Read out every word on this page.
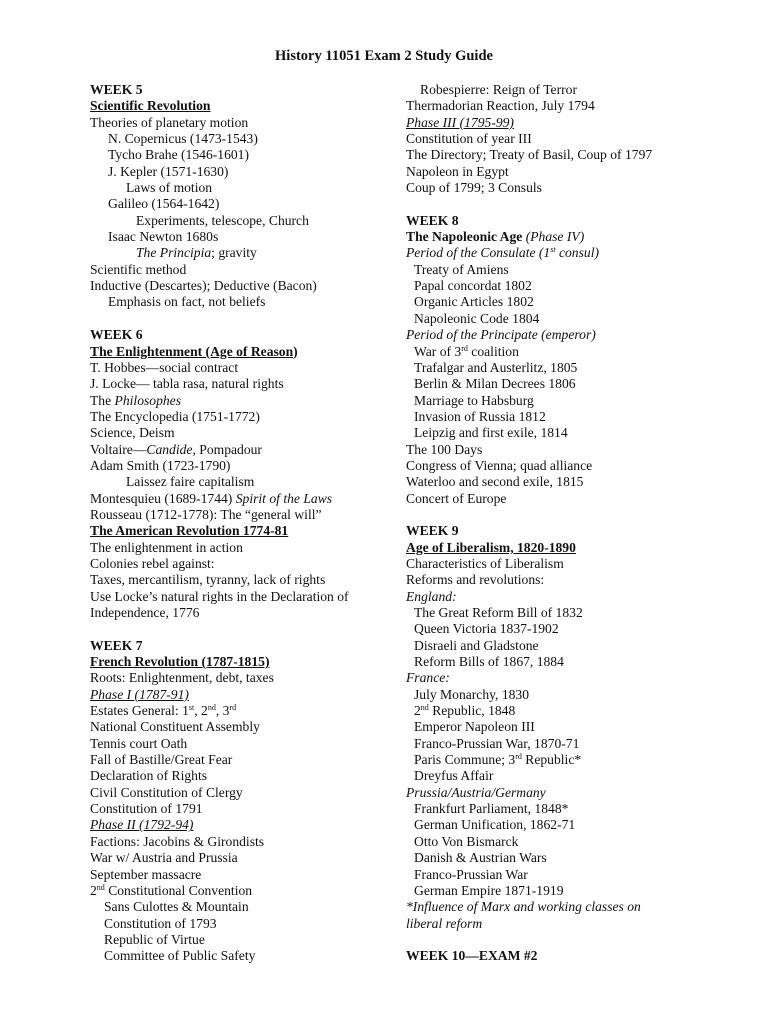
History 11051 Exam 2 Study Guide
WEEK 5
Scientific Revolution
Theories of planetary motion
N. Copernicus (1473-1543)
Tycho Brahe (1546-1601)
J. Kepler (1571-1630)
Laws of motion
Galileo (1564-1642)
Experiments, telescope, Church
Isaac Newton 1680s
The Principia; gravity
Scientific method
Inductive (Descartes); Deductive (Bacon)
Emphasis on fact, not beliefs
WEEK 6
The Enlightenment (Age of Reason)
T. Hobbes—social contract
J. Locke— tabla rasa, natural rights
The Philosophes
The Encyclopedia (1751-1772)
Science, Deism
Voltaire—Candide, Pompadour
Adam Smith (1723-1790)
Laissez faire capitalism
Montesquieu (1689-1744) Spirit of the Laws
Rousseau (1712-1778): The “general will”
The American Revolution 1774-81
The enlightenment in action
Colonies rebel against:
Taxes, mercantilism, tyranny, lack of rights
Use Locke’s natural rights in the Declaration of
Independence, 1776
WEEK 7
French Revolution (1787-1815)
Roots: Enlightenment, debt, taxes
Phase I (1787-91)
Estates General: 1st, 2nd, 3rd
National Constituent Assembly
Tennis court Oath
Fall of Bastille/Great Fear
Declaration of Rights
Civil Constitution of Clergy
Constitution of 1791
Phase II (1792-94)
Factions: Jacobins & Girondists
War w/ Austria and Prussia
September massacre
2nd Constitutional Convention
Sans Culottes & Mountain
Constitution of 1793
Republic of Virtue
Committee of Public Safety
Robespierre: Reign of Terror
Thermadorian Reaction, July 1794
Phase III (1795-99)
Constitution of year III
The Directory; Treaty of Basil, Coup of 1797
Napoleon in Egypt
Coup of 1799; 3 Consuls
WEEK 8
The Napoleonic Age (Phase IV)
Period of the Consulate (1st consul)
Treaty of Amiens
Papal concordat 1802
Organic Articles 1802
Napoleonic Code 1804
Period of the Principate (emperor)
War of 3rd coalition
Trafalgar and Austerlitz, 1805
Berlin & Milan Decrees 1806
Marriage to Habsburg
Invasion of Russia 1812
Leipzig and first exile, 1814
The 100 Days
Congress of Vienna; quad alliance
Waterloo and second exile, 1815
Concert of Europe
WEEK 9
Age of Liberalism, 1820-1890
Characteristics of Liberalism
Reforms and revolutions:
England:
The Great Reform Bill of 1832
Queen Victoria 1837-1902
Disraeli and Gladstone
Reform Bills of 1867, 1884
France:
July Monarchy, 1830
2nd Republic, 1848
Emperor Napoleon III
Franco-Prussian War, 1870-71
Paris Commune; 3rd Republic*
Dreyfus Affair
Prussia/Austria/Germany
Frankfurt Parliament, 1848*
German Unification, 1862-71
Otto Von Bismarck
Danish & Austrian Wars
Franco-Prussian War
German Empire 1871-1919
*Influence of Marx and working classes on
liberal reform
WEEK 10—EXAM #2
